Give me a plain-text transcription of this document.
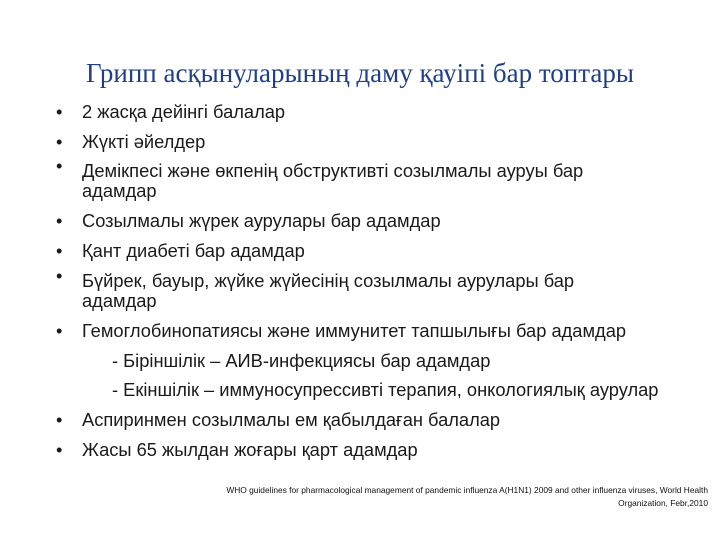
Грипп асқынуларының даму қауіпі бар топтары
•	2 жасқа дейінгі балалар
•	Жүкті әйелдер
•	Демікпесі және өкпенің обструктивті созылмалы ауруы бар адамдар
•	Созылмалы жүрек аурулары бар адамдар
•	Қант диабеті бар адамдар
•	Бүйрек, бауыр, жүйке жүйесінің созылмалы аурулары бар адамдар
•	Гемоглобинопатиясы және иммунитет тапшылығы бар адамдар
- Біріншілік – АИВ-инфекциясы бар адамдар
- Екіншілік – иммуносупрессивті терапия, онкологиялық аурулар
•	Аспиринмен созылмалы ем қабылдаған балалар
•	Жасы 65 жылдан жоғары қарт адамдар
WHO guidelines for pharmacological management of pandemic influenza A(H1N1) 2009 and other influenza viruses, World Health
Organization, Febr,2010
